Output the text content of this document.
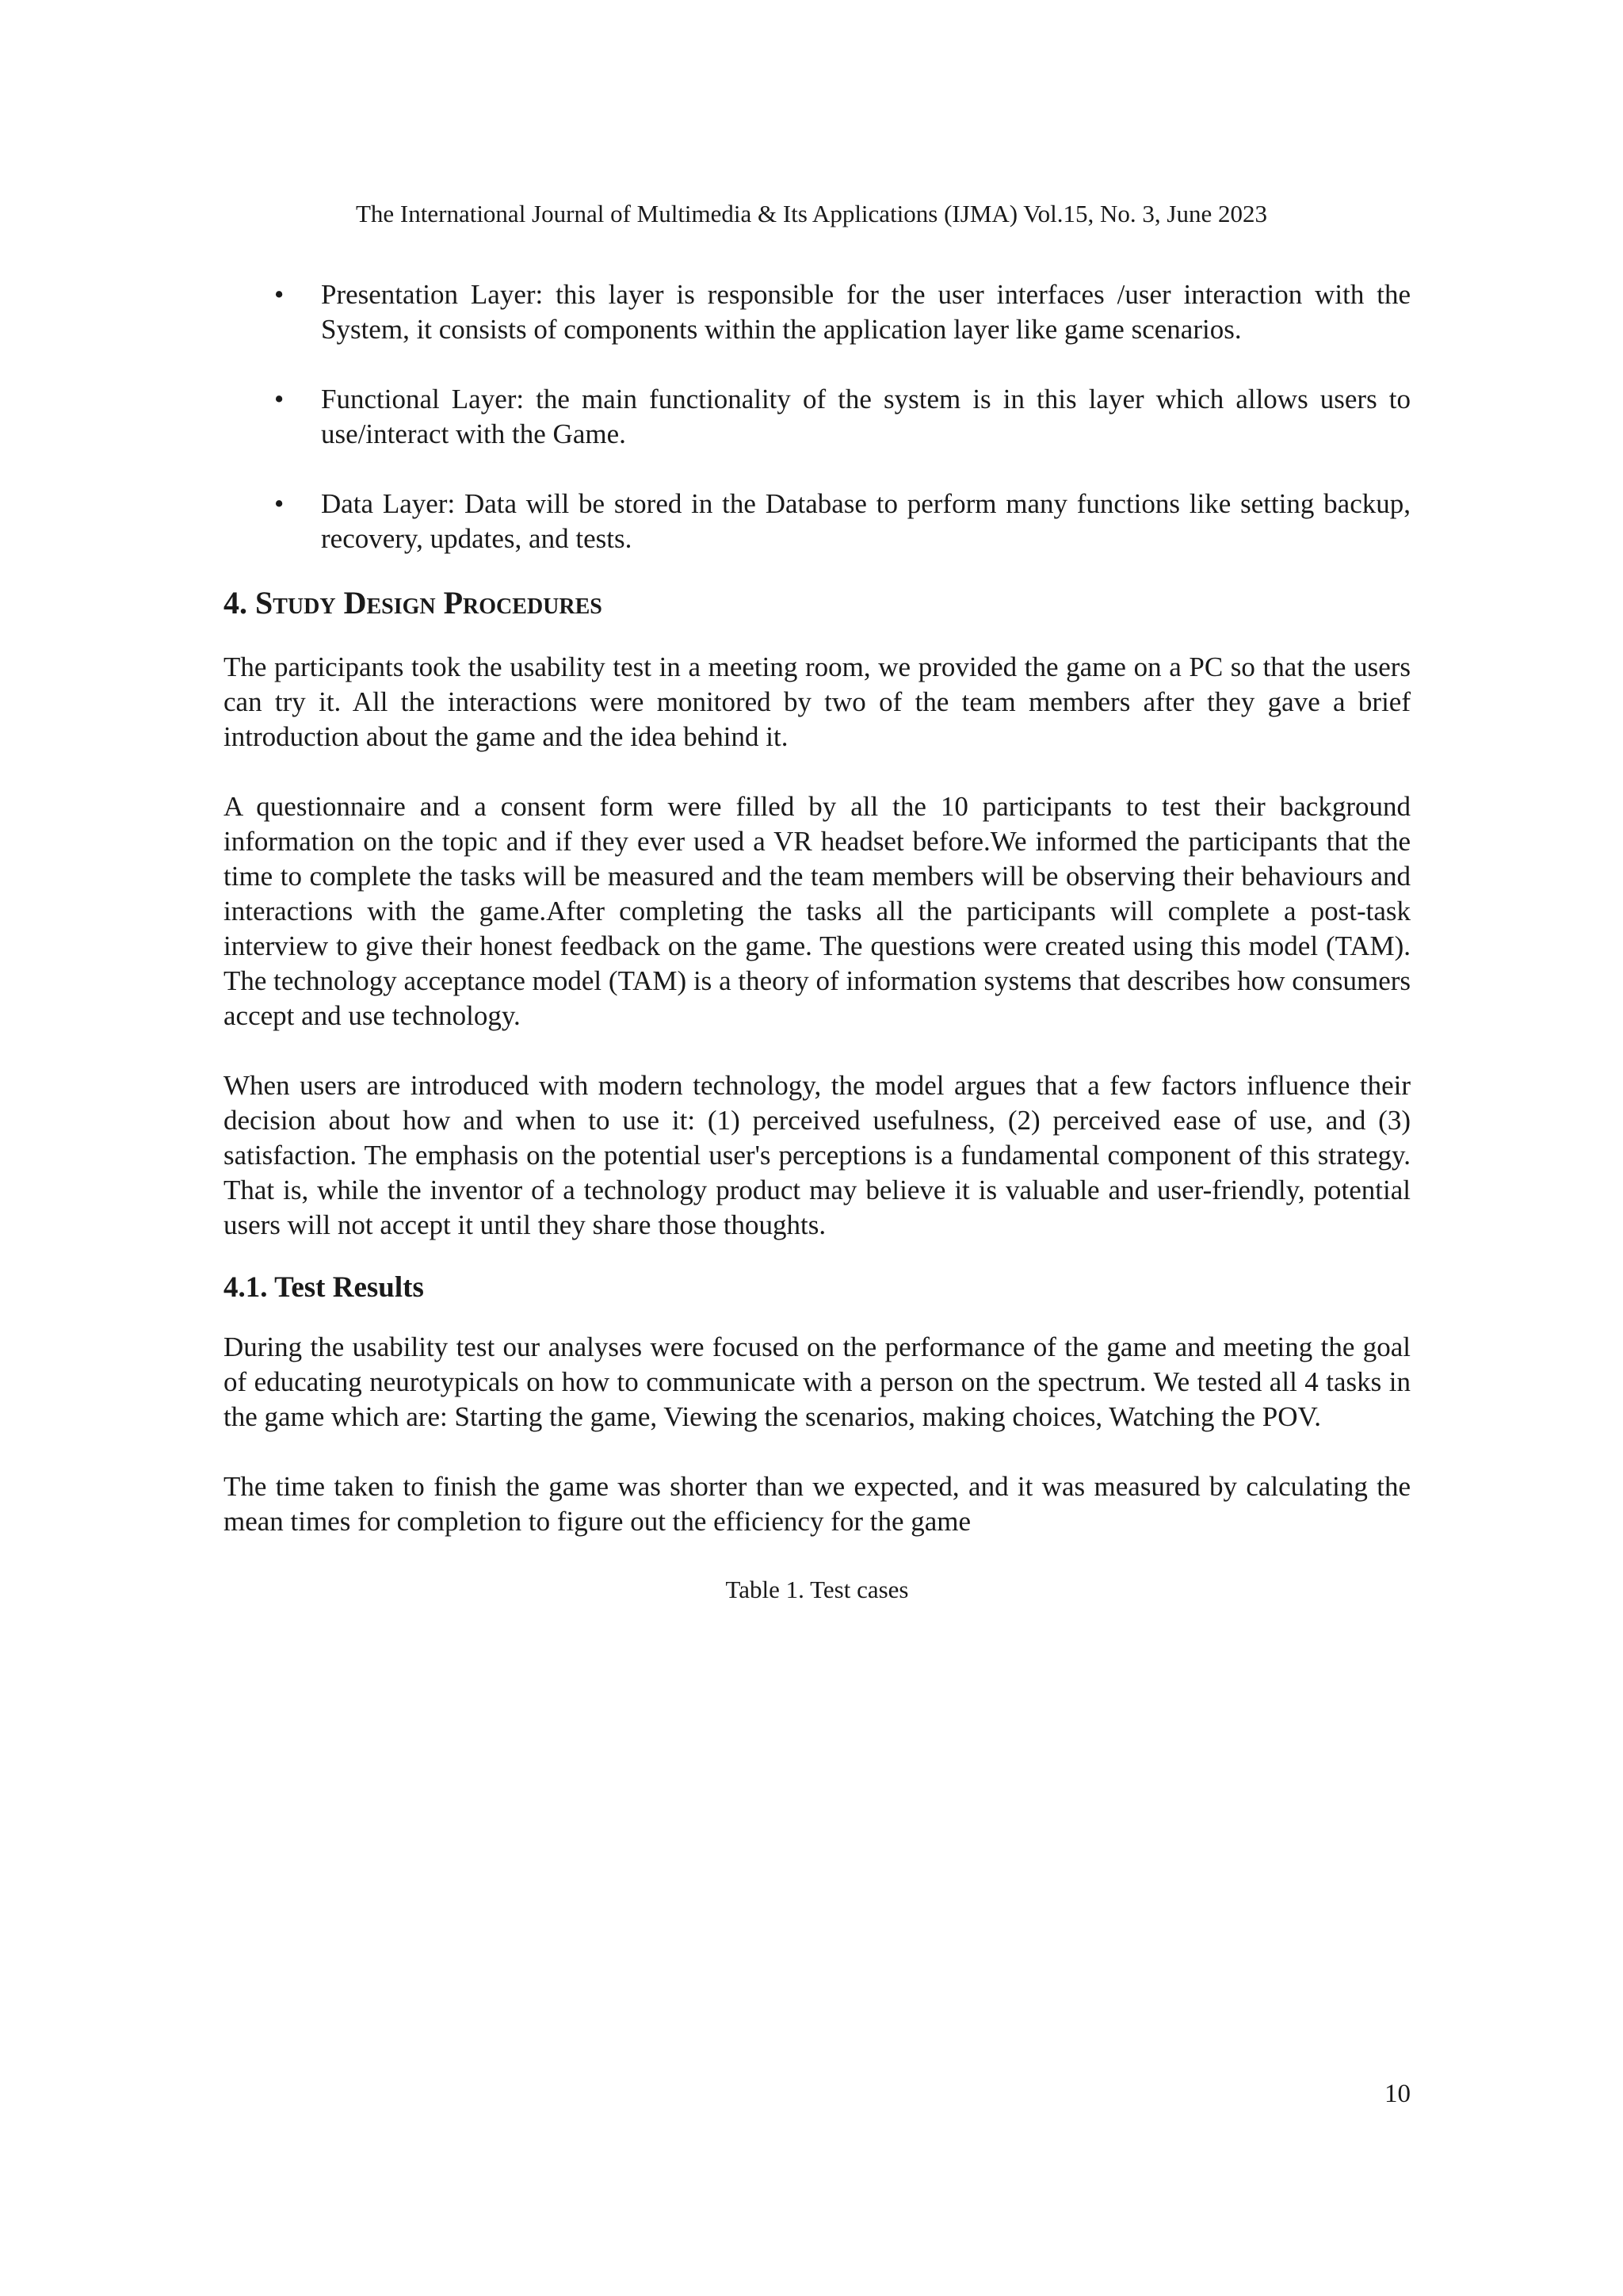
The International Journal of Multimedia & Its Applications (IJMA) Vol.15, No. 3, June 2023
• Presentation Layer: this layer is responsible for the user interfaces /user interaction with the System, it consists of components within the application layer like game scenarios.
• Functional Layer: the main functionality of the system is in this layer which allows users to use/interact with the Game.
• Data Layer: Data will be stored in the Database to perform many functions like setting backup, recovery, updates, and tests.
4. Study Design Procedures

The participants took the usability test in a meeting room, we provided the game on a PC so that the users can try it. All the interactions were monitored by two of the team members after they gave a brief introduction about the game and the idea behind it.

A questionnaire and a consent form were filled by all the 10 participants to test their background information on the topic and if they ever used a VR headset before.We informed the participants that the time to complete the tasks will be measured and the team members will be observing their behaviours and interactions with the game.After completing the tasks all the participants will complete a post-task interview to give their honest feedback on the game. The questions were created using this model (TAM). The technology acceptance model (TAM) is a theory of information systems that describes how consumers accept and use technology.

When users are introduced with modern technology, the model argues that a few factors influence their decision about how and when to use it: (1) perceived usefulness, (2) perceived ease of use, and (3) satisfaction. The emphasis on the potential user's perceptions is a fundamental component of this strategy. That is, while the inventor of a technology product may believe it is valuable and user-friendly, potential users will not accept it until they share those thoughts.

4.1. Test Results

During the usability test our analyses were focused on the performance of the game and meeting the goal of educating neurotypicals on how to communicate with a person on the spectrum. We tested all 4 tasks in the game which are: Starting the game, Viewing the scenarios, making choices, Watching the POV.

The time taken to finish the game was shorter than we expected, and it was measured by calculating the mean times for completion to figure out the efficiency for the game

Table 1. Test cases
10
